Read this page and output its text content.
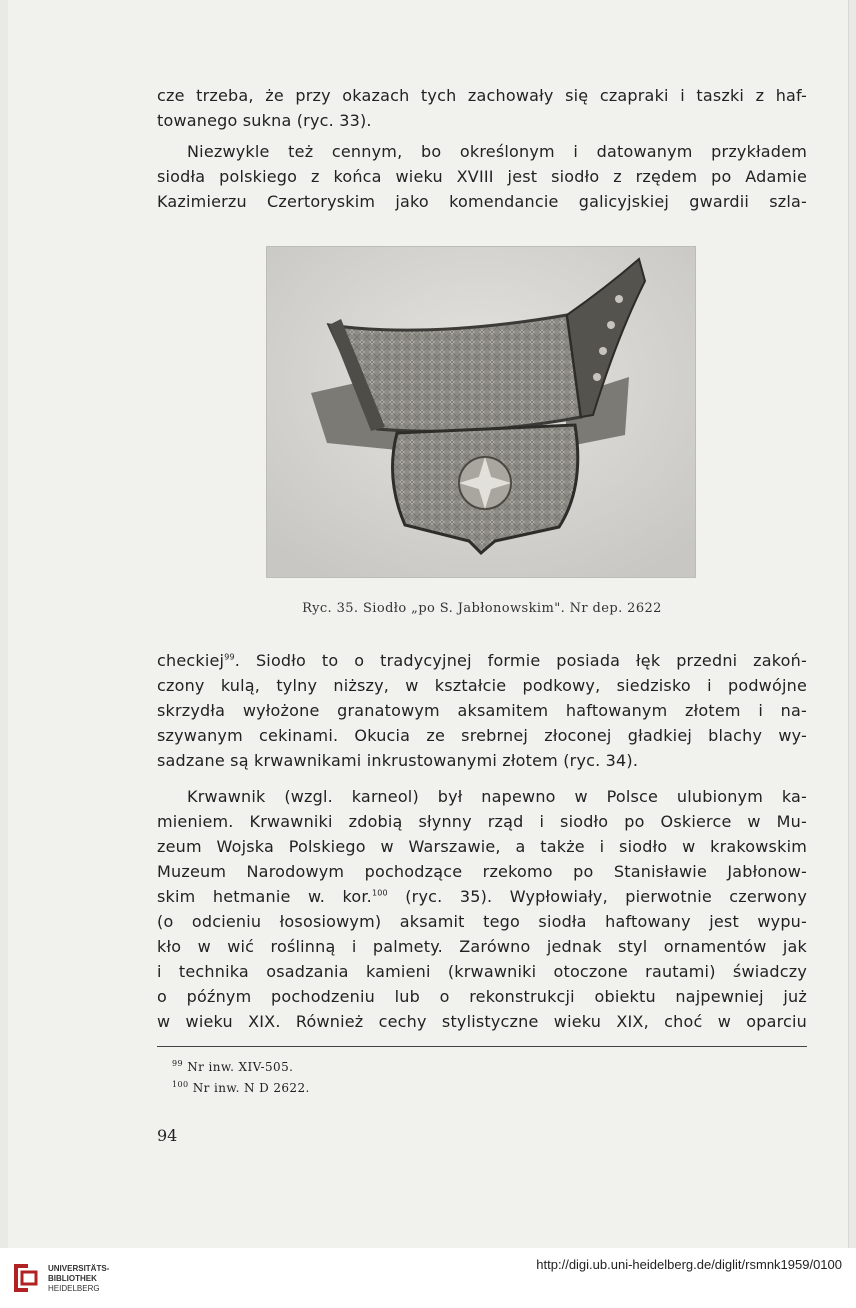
cze trzeba, że przy okazach tych zachowały się czapraki i taszki z haf-
towanego sukna (ryc. 33).

Niezwykle też cennym, bo określonym i datowanym przykładem
siodła polskiego z końca wieku XVIII jest siodło z rzędem po Adamie
Kazimierzu Czertoryskim jako komendancie galicyjskiej gwardii szla-

Ryc. 35. Siodło „po S. Jabłonowskim". Nr dep. 2622

checkiej$^{99}$. Siodło to o tradycyjnej formie posiada łęk przedni zakoń-
czony kulą, tylny niższy, w kształcie podkowy, siedzisko i podwójne
skrzydła wyłożone granatowym aksamitem haftowanym złotem i na-
szywanym cekinami. Okucia ze srebrnej złoconej gładkiej blachy wy-
sadzane są krwawnikami inkrustowanymi złotem (ryc. 34).

Krwawnik (wzgl. karneol) był napewno w Polsce ulubionym ka-
mieniem. Krwawniki zdobią słynny rząd i siodło po Oskierce w Mu-
zeum Wojska Polskiego w Warszawie, a także i siodło w krakowskim
Muzeum Narodowym pochodzące rzekomo po Stanisławie Jabłonow-
skim hetmanie w. kor.$^{100}$ (ryc. 35). Wypłowiały, pierwotnie czerwony
(o odcieniu łososiowym) aksamit tego siodła haftowany jest wypu-
kło w wić roślinną i palmety. Zarówno jednak styl ornamentów jak
i technika osadzania kamieni (krwawniki otoczone rautami) świadczy
o późnym pochodzeniu lub o rekonstrukcji obiektu najpewniej już
w wieku XIX. Również cechy stylistyczne wieku XIX, choć w oparciu

$^{99}$ Nr inw. XIV-505.
$^{100}$ Nr inw. N D 2622.
94
UNIVERSITÄTS-
BIBLIOTHEK
HEIDELBERG
http://digi.ub.uni-heidelberg.de/diglit/rsmnk1959/0100
